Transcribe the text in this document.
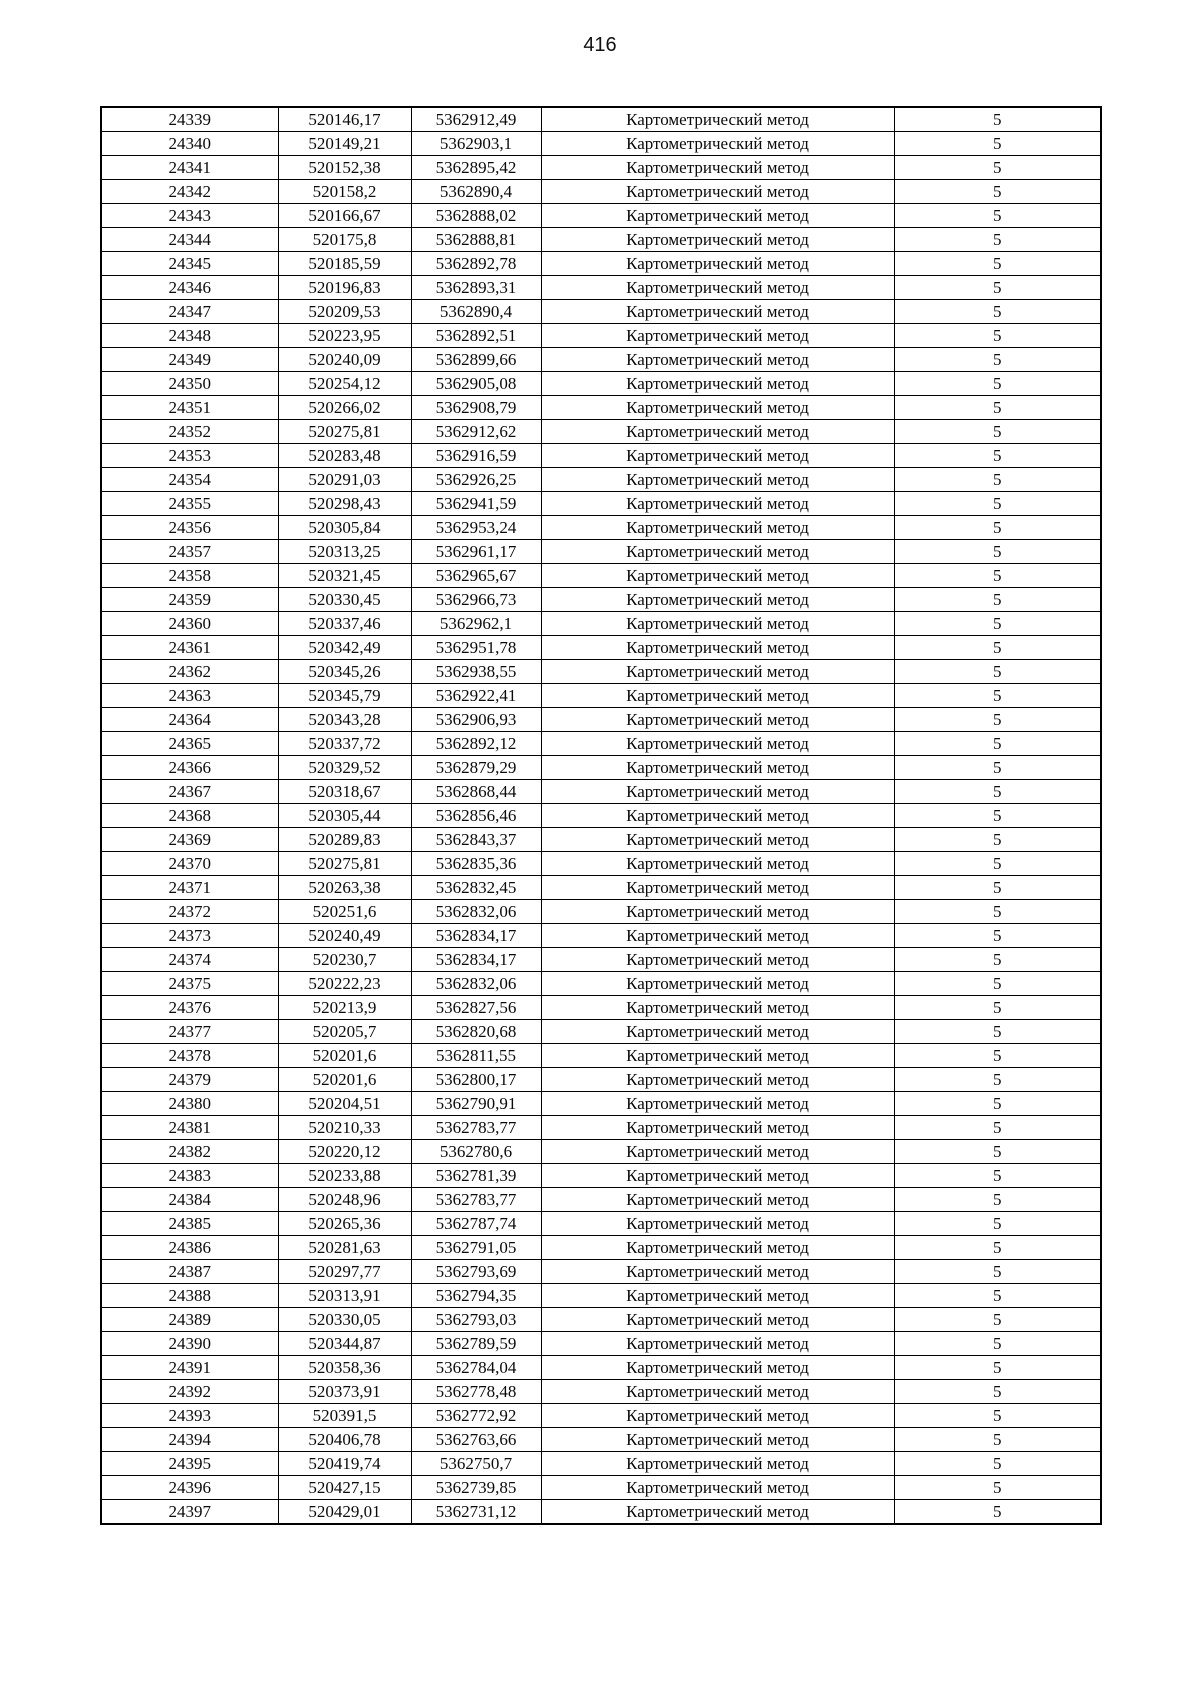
416
24339	520146,17	5362912,49	Картометрический метод	5
24340	520149,21	5362903,1	Картометрический метод	5
24341	520152,38	5362895,42	Картометрический метод	5
24342	520158,2	5362890,4	Картометрический метод	5
24343	520166,67	5362888,02	Картометрический метод	5
24344	520175,8	5362888,81	Картометрический метод	5
24345	520185,59	5362892,78	Картометрический метод	5
24346	520196,83	5362893,31	Картометрический метод	5
24347	520209,53	5362890,4	Картометрический метод	5
24348	520223,95	5362892,51	Картометрический метод	5
24349	520240,09	5362899,66	Картометрический метод	5
24350	520254,12	5362905,08	Картометрический метод	5
24351	520266,02	5362908,79	Картометрический метод	5
24352	520275,81	5362912,62	Картометрический метод	5
24353	520283,48	5362916,59	Картометрический метод	5
24354	520291,03	5362926,25	Картометрический метод	5
24355	520298,43	5362941,59	Картометрический метод	5
24356	520305,84	5362953,24	Картометрический метод	5
24357	520313,25	5362961,17	Картометрический метод	5
24358	520321,45	5362965,67	Картометрический метод	5
24359	520330,45	5362966,73	Картометрический метод	5
24360	520337,46	5362962,1	Картометрический метод	5
24361	520342,49	5362951,78	Картометрический метод	5
24362	520345,26	5362938,55	Картометрический метод	5
24363	520345,79	5362922,41	Картометрический метод	5
24364	520343,28	5362906,93	Картометрический метод	5
24365	520337,72	5362892,12	Картометрический метод	5
24366	520329,52	5362879,29	Картометрический метод	5
24367	520318,67	5362868,44	Картометрический метод	5
24368	520305,44	5362856,46	Картометрический метод	5
24369	520289,83	5362843,37	Картометрический метод	5
24370	520275,81	5362835,36	Картометрический метод	5
24371	520263,38	5362832,45	Картометрический метод	5
24372	520251,6	5362832,06	Картометрический метод	5
24373	520240,49	5362834,17	Картометрический метод	5
24374	520230,7	5362834,17	Картометрический метод	5
24375	520222,23	5362832,06	Картометрический метод	5
24376	520213,9	5362827,56	Картометрический метод	5
24377	520205,7	5362820,68	Картометрический метод	5
24378	520201,6	5362811,55	Картометрический метод	5
24379	520201,6	5362800,17	Картометрический метод	5
24380	520204,51	5362790,91	Картометрический метод	5
24381	520210,33	5362783,77	Картометрический метод	5
24382	520220,12	5362780,6	Картометрический метод	5
24383	520233,88	5362781,39	Картометрический метод	5
24384	520248,96	5362783,77	Картометрический метод	5
24385	520265,36	5362787,74	Картометрический метод	5
24386	520281,63	5362791,05	Картометрический метод	5
24387	520297,77	5362793,69	Картометрический метод	5
24388	520313,91	5362794,35	Картометрический метод	5
24389	520330,05	5362793,03	Картометрический метод	5
24390	520344,87	5362789,59	Картометрический метод	5
24391	520358,36	5362784,04	Картометрический метод	5
24392	520373,91	5362778,48	Картометрический метод	5
24393	520391,5	5362772,92	Картометрический метод	5
24394	520406,78	5362763,66	Картометрический метод	5
24395	520419,74	5362750,7	Картометрический метод	5
24396	520427,15	5362739,85	Картометрический метод	5
24397	520429,01	5362731,12	Картометрический метод	5
